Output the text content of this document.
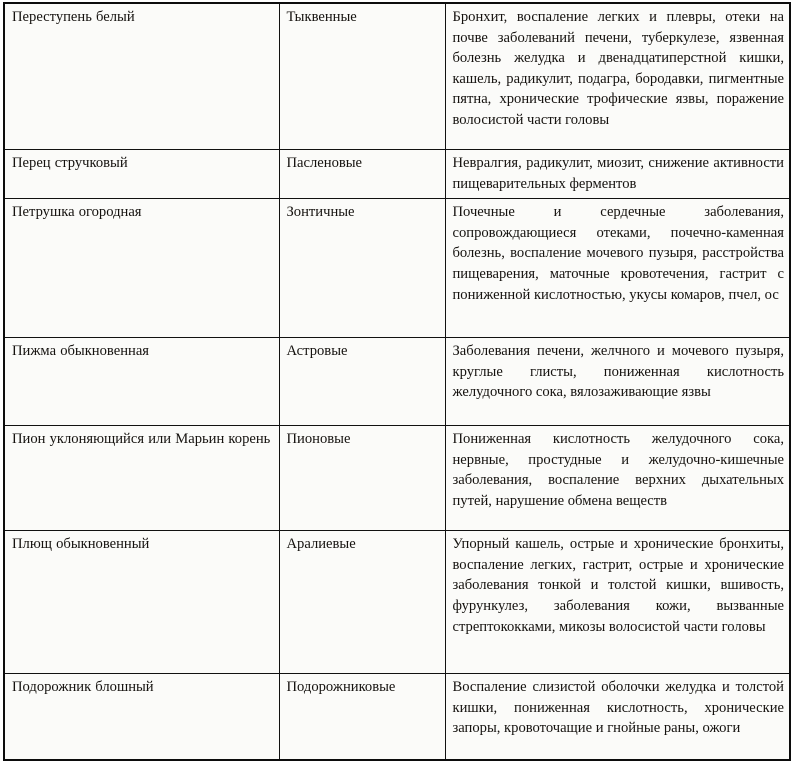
Переступень белый	Тыквенные	Бронхит, воспаление легких и плевры, отеки на почве заболеваний печени, туберкулезе, язвенная болезнь желудка и двенадцатиперстной кишки, кашель, радикулит, подагра, бородавки, пигментные пятна, хронические трофические язвы, поражение волосистой части головы
Перец стручковый	Пасленовые	Невралгия, радикулит, миозит, снижение активности пищеварительных ферментов
Петрушка огородная	Зонтичные	Почечные и сердечные заболевания, сопровождающиеся отеками, почечно-каменная болезнь, воспаление мочевого пузыря, расстройства пищеварения, маточные кровотечения, гастрит с пониженной кислотностью, укусы комаров, пчел, ос
Пижма обыкновенная	Астровые	Заболевания печени, желчного и мочевого пузыря, круглые глисты, пониженная кислотность желудочного сока, вялозаживающие язвы
Пион уклоняющийся или Марьин корень	Пионовые	Пониженная кислотность желудочного сока, нервные, простудные и желудочно-кишечные заболевания, воспаление верхних дыхательных путей, нарушение обмена веществ
Плющ обыкновенный	Аралиевые	Упорный кашель, острые и хронические бронхиты, воспаление легких, гастрит, острые и хронические заболевания тонкой и толстой кишки, вшивость, фурункулез, заболевания кожи, вызванные стрептококками, микозы волосистой части головы
Подорожник блошный	Подорожниковые	Воспаление слизистой оболочки желудка и толстой кишки, пониженная кислотность, хронические запоры, кровоточащие и гнойные раны, ожоги
